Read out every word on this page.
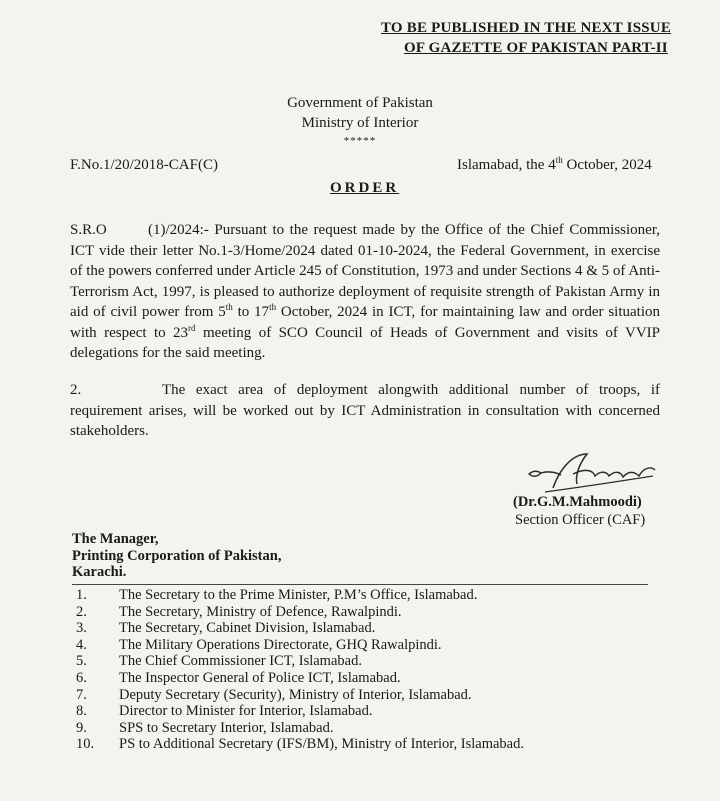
TO BE PUBLISHED IN THE NEXT ISSUE
OF GAZETTE OF PAKISTAN PART-II
Government of Pakistan
Ministry of Interior
*****
F.No.1/20/2018-CAF(C)	Islamabad, the 4th October, 2024
ORDER
S.R.O	(1)/2024:- Pursuant to the request made by the Office of the Chief Commissioner, ICT vide their letter No.1-3/Home/2024 dated 01-10-2024, the Federal Government, in exercise of the powers conferred under Article 245 of Constitution, 1973 and under Sections 4 & 5 of Anti-Terrorism Act, 1997, is pleased to authorize deployment of requisite strength of Pakistan Army in aid of civil power from 5th to 17th October, 2024 in ICT, for maintaining law and order situation with respect to 23rd meeting of SCO Council of Heads of Government and visits of VVIP delegations for the said meeting.
2.	The exact area of deployment alongwith additional number of troops, if requirement arises, will be worked out by ICT Administration in consultation with concerned stakeholders.
(Dr.G.M.Mahmoodi)
Section Officer (CAF)
The Manager,
Printing Corporation of Pakistan,
Karachi.
1. The Secretary to the Prime Minister, P.M’s Office, Islamabad.
2. The Secretary, Ministry of Defence, Rawalpindi.
3. The Secretary, Cabinet Division, Islamabad.
4. The Military Operations Directorate, GHQ Rawalpindi.
5. The Chief Commissioner ICT, Islamabad.
6. The Inspector General of Police ICT, Islamabad.
7. Deputy Secretary (Security), Ministry of Interior, Islamabad.
8. Director to Minister for Interior, Islamabad.
9. SPS to Secretary Interior, Islamabad.
10. PS to Additional Secretary (IFS/BM), Ministry of Interior, Islamabad.
